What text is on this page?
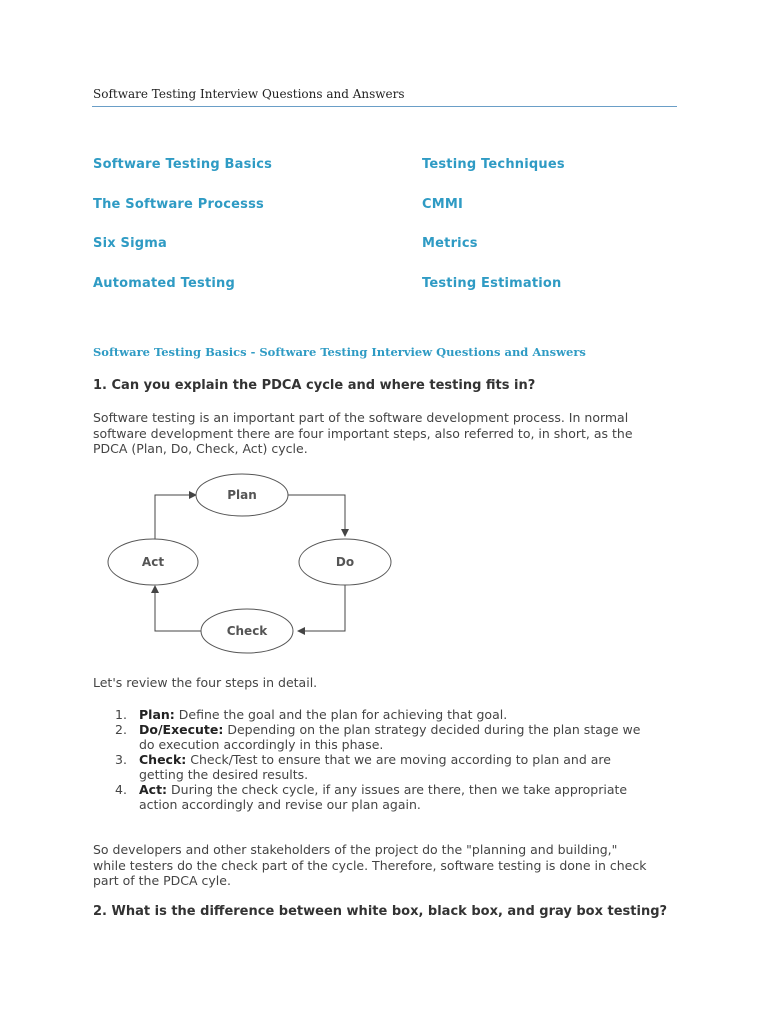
Software Testing Interview Questions and Answers
Software Testing Basics
The Software Processs
Six Sigma
Automated Testing
Testing Techniques
CMMI
Metrics
Testing Estimation
Software Testing Basics - Software Testing Interview Questions and Answers
1. Can you explain the PDCA cycle and where testing fits in?
Software testing is an important part of the software development process. In normal
software development there are four important steps, also referred to, in short, as the
PDCA (Plan, Do, Check, Act) cycle.
Plan
Do
Check
Act
Let's review the four steps in detail.
1. Plan: Define the goal and the plan for achieving that goal.
2. Do/Execute: Depending on the plan strategy decided during the plan stage we
do execution accordingly in this phase.
3. Check: Check/Test to ensure that we are moving according to plan and are
getting the desired results.
4. Act: During the check cycle, if any issues are there, then we take appropriate
action accordingly and revise our plan again.
So developers and other stakeholders of the project do the "planning and building,"
while testers do the check part of the cycle. Therefore, software testing is done in check
part of the PDCA cyle.
2. What is the difference between white box, black box, and gray box testing?
